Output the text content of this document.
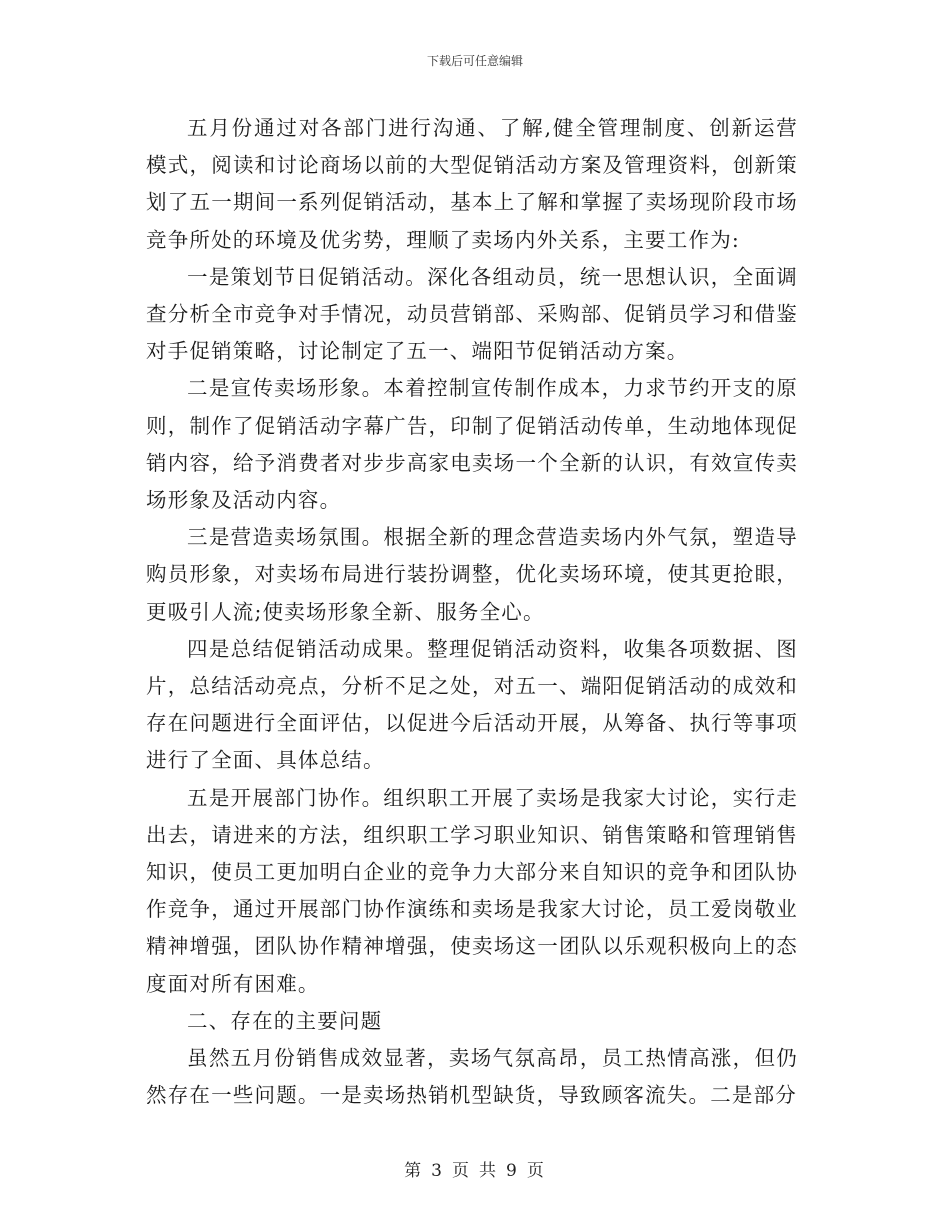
下载后可任意编辑

五月份通过对各部门进行沟通、了解,健全管理制度、创新运营模式，阅读和讨论商场以前的大型促销活动方案及管理资料，创新策划了五一期间一系列促销活动，基本上了解和掌握了卖场现阶段市场竞争所处的环境及优劣势，理顺了卖场内外关系，主要工作为:

一是策划节日促销活动。深化各组动员，统一思想认识，全面调查分析全市竞争对手情况，动员营销部、采购部、促销员学习和借鉴对手促销策略，讨论制定了五一、端阳节促销活动方案。

二是宣传卖场形象。本着控制宣传制作成本，力求节约开支的原则，制作了促销活动字幕广告，印制了促销活动传单，生动地体现促销内容，给予消费者对步步高家电卖场一个全新的认识，有效宣传卖场形象及活动内容。

三是营造卖场氛围。根据全新的理念营造卖场内外气氛，塑造导购员形象，对卖场布局进行装扮调整，优化卖场环境，使其更抢眼，更吸引人流;使卖场形象全新、服务全心。

四是总结促销活动成果。整理促销活动资料，收集各项数据、图片，总结活动亮点，分析不足之处，对五一、端阳促销活动的成效和存在问题进行全面评估，以促进今后活动开展，从筹备、执行等事项进行了全面、具体总结。

五是开展部门协作。组织职工开展了卖场是我家大讨论，实行走出去，请进来的方法，组织职工学习职业知识、销售策略和管理销售知识，使员工更加明白企业的竞争力大部分来自知识的竞争和团队协作竞争，通过开展部门协作演练和卖场是我家大讨论，员工爱岗敬业精神增强，团队协作精神增强，使卖场这一团队以乐观积极向上的态度面对所有困难。

二、存在的主要问题

虽然五月份销售成效显著，卖场气氛高昂，员工热情高涨，但仍然存在一些问题。一是卖场热销机型缺货，导致顾客流失。二是部分

第 3 页 共 9 页
